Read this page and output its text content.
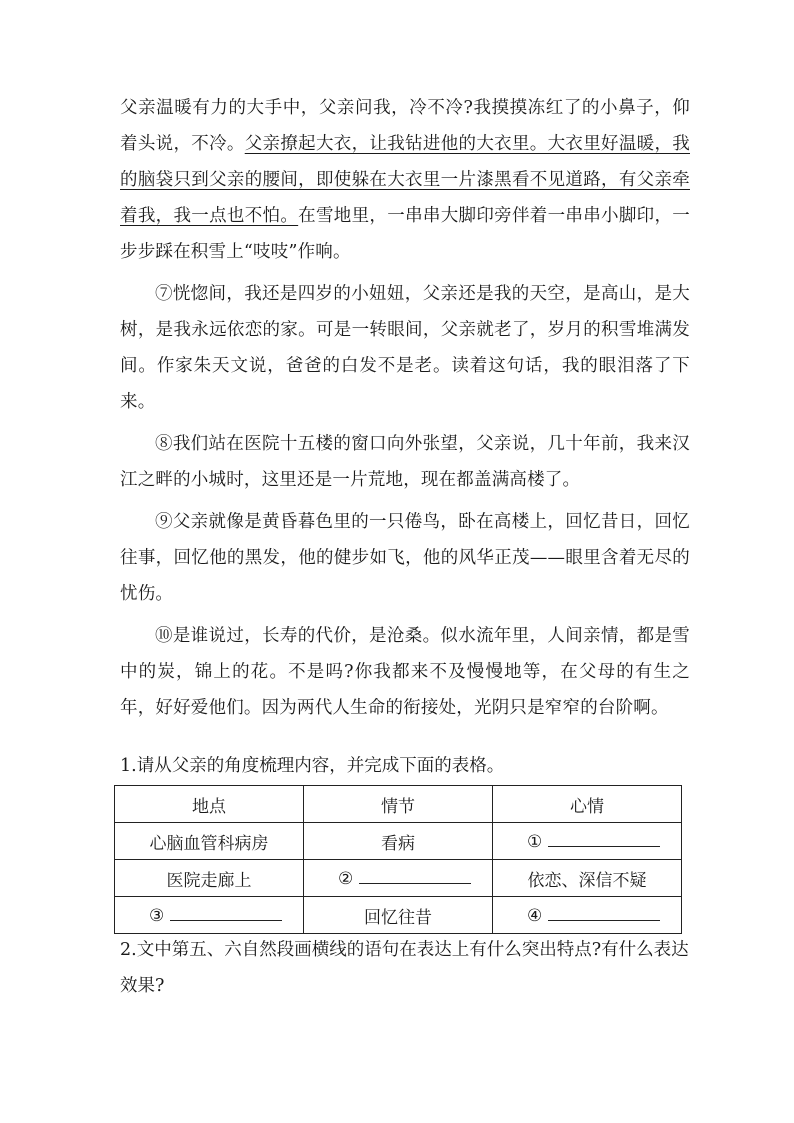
父亲温暖有力的大手中，父亲问我，冷不冷?我摸摸冻红了的小鼻子，仰着头说，不冷。父亲撩起大衣，让我钻进他的大衣里。大衣里好温暖，我的脑袋只到父亲的腰间，即使躲在大衣里一片漆黑看不见道路，有父亲牵着我，我一点也不怕。在雪地里，一串串大脚印旁伴着一串串小脚印，一步步踩在积雪上“吱吱”作响。

⑦恍惚间，我还是四岁的小妞妞，父亲还是我的天空，是高山，是大树，是我永远依恋的家。可是一转眼间，父亲就老了，岁月的积雪堆满发间。作家朱天文说，爸爸的白发不是老。读着这句话，我的眼泪落了下来。

⑧我们站在医院十五楼的窗口向外张望，父亲说，几十年前，我来汉江之畔的小城时，这里还是一片荒地，现在都盖满高楼了。

⑨父亲就像是黄昏暮色里的一只倦鸟，卧在高楼上，回忆昔日，回忆往事，回忆他的黑发，他的健步如飞，他的风华正茂——眼里含着无尽的忧伤。

⑩是谁说过，长寿的代价，是沧桑。似水流年里，人间亲情，都是雪中的炭，锦上的花。不是吗?你我都来不及慢慢地等，在父母的有生之年，好好爱他们。因为两代人生命的衔接处，光阴只是窄窄的台阶啊。

1.请从父亲的角度梳理内容，并完成下面的表格。
地点	情节	心情
心脑血管科病房	看病	①
医院走廊上	②	依恋、深信不疑
③	回忆往昔	④
2.文中第五、六自然段画横线的语句在表达上有什么突出特点?有什么表达效果?
